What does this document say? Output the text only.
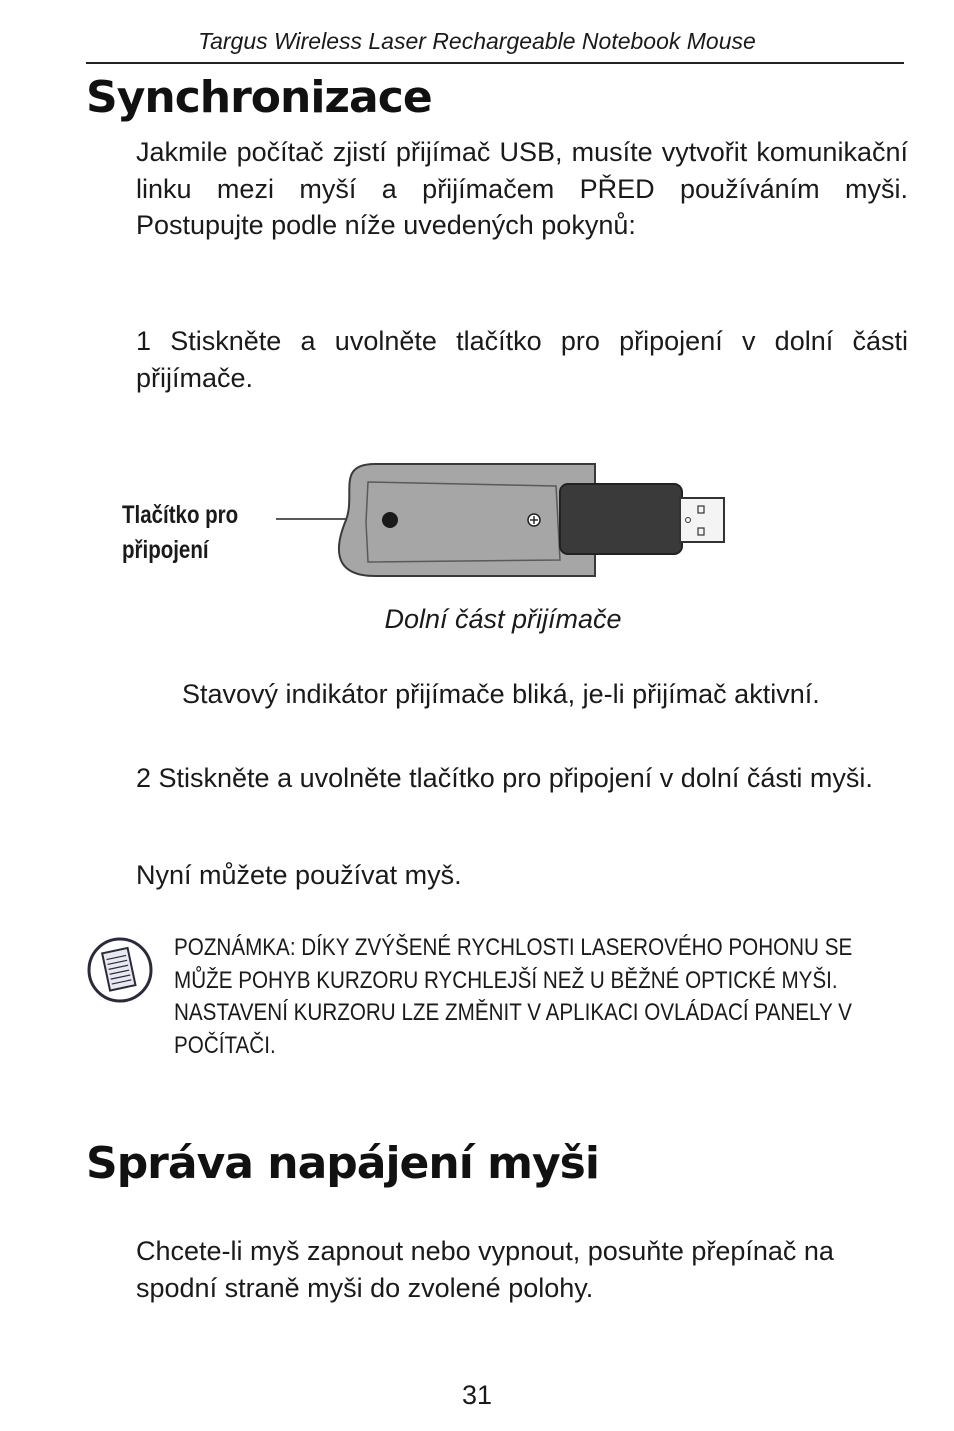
Targus Wireless Laser Rechargeable Notebook Mouse
Synchronizace

Jakmile počítač zjistí přijímač USB, musíte vytvořit komunikační linku mezi myší a přijímačem PŘED používáním myši. Postupujte podle níže uvedených pokynů:

1 Stiskněte a uvolněte tlačítko pro připojení v dolní části přijímače.

Tlačítko pro
připojení
Dolní část přijímače

Stavový indikátor přijímače bliká, je-li přijímač aktivní.

2 Stiskněte a uvolněte tlačítko pro připojení v dolní části myši.

Nyní můžete používat myš.

POZNÁMKA: DÍKY ZVÝŠENÉ RYCHLOSTI LASEROVÉHO POHONU SE
MŮŽE POHYB KURZORU RYCHLEJŠÍ NEŽ U BĚŽNÉ OPTICKÉ MYŠI.
NASTAVENÍ KURZORU LZE ZMĚNIT V APLIKACI OVLÁDACÍ PANELY V
POČÍTAČI.
Správa napájení myši

Chcete-li myš zapnout nebo vypnout, posuňte přepínač na spodní straně myši do zvolené polohy.

31
